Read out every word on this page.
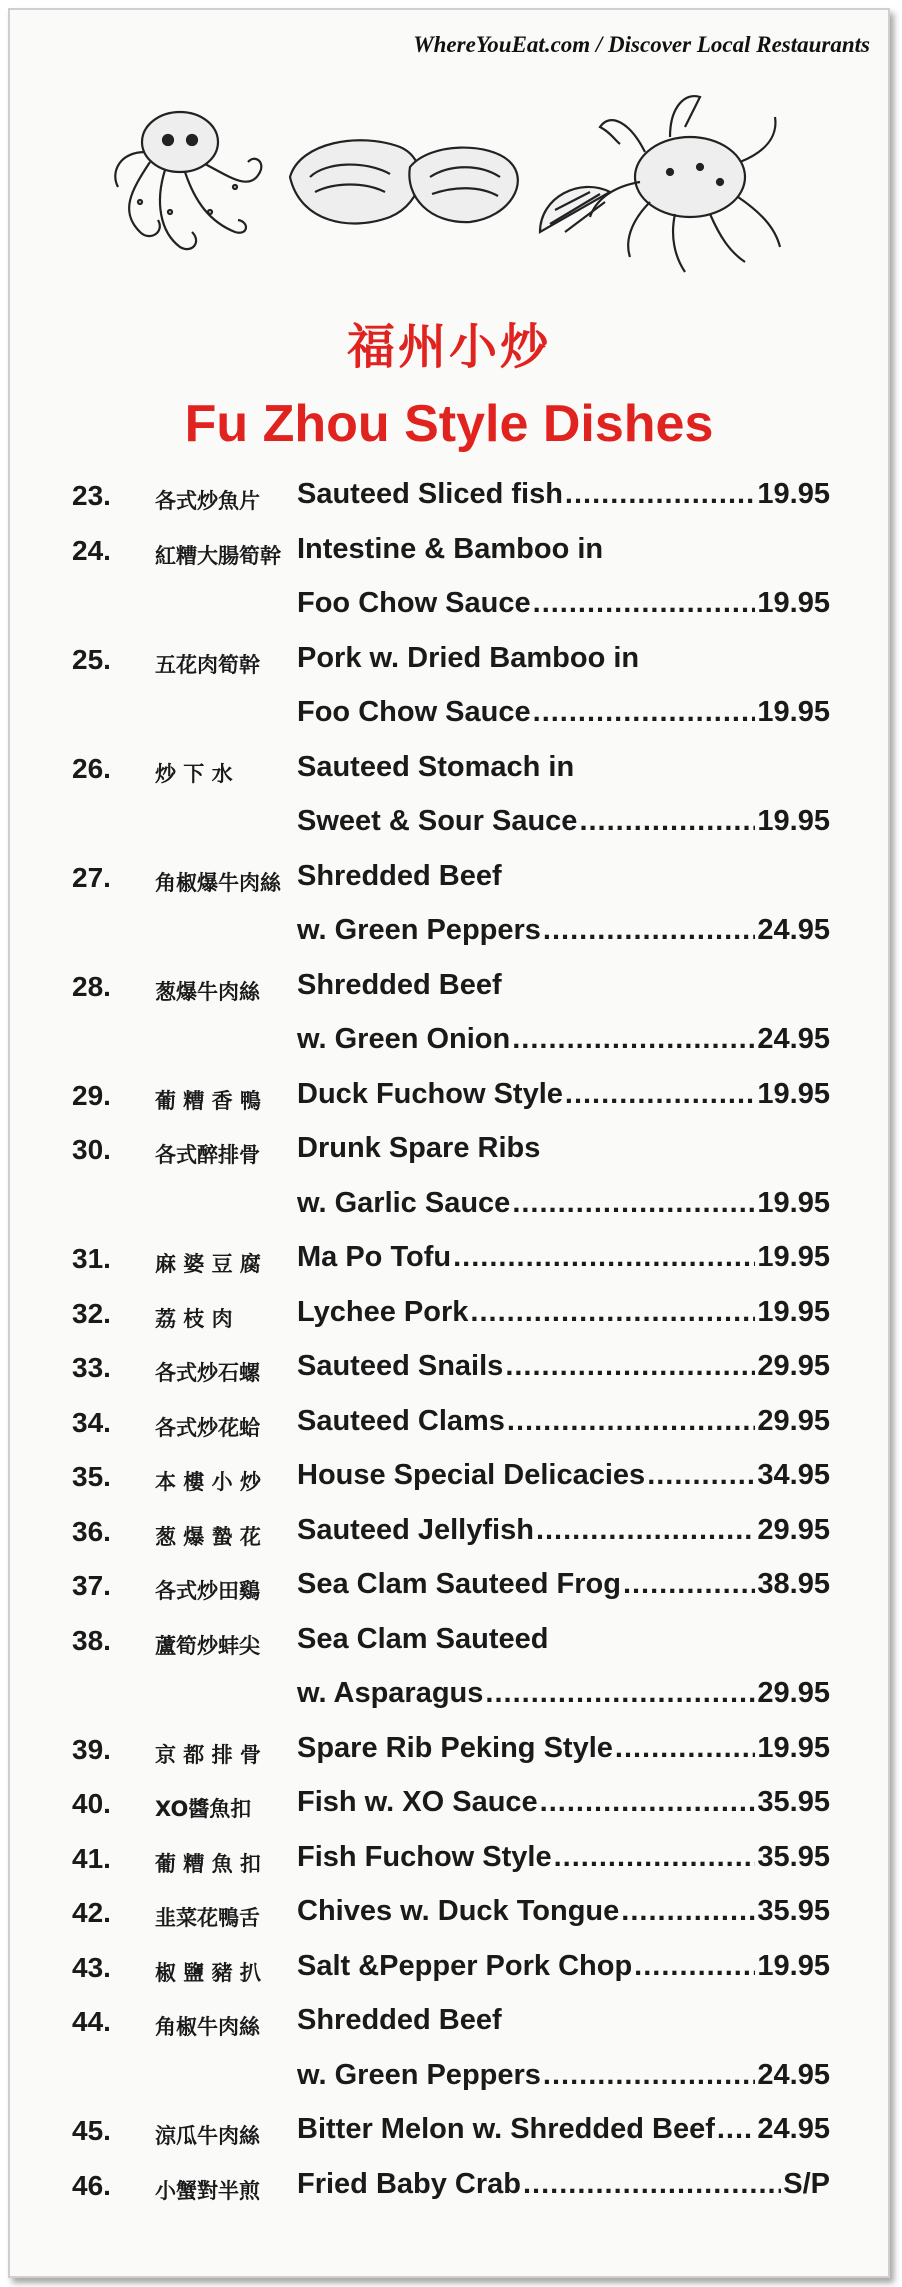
WhereYouEat.com / Discover Local Restaurants
福州小炒
Fu Zhou Style Dishes
23.	各式炒魚片	Sauteed Sliced fish .....	19.95
24.	紅糟大腸筍幹 Intestine & Bamboo in
Foo Chow Sauce .....	19.95
25.	五花肉筍幹	Pork w. Dried Bamboo in
Foo Chow Sauce .....	19.95
26.	炒 下 水	Sauteed Stomach in
Sweet & Sour Sauce .....	19.95
27.	角椒爆牛肉絲 Shredded Beef
w. Green Peppers .....	24.95
28.	葱爆牛肉絲	Shredded Beef
w. Green Onion .....	24.95
29.	葡 糟 香 鴨	Duck Fuchow Style .....	19.95
30.	各式醉排骨	Drunk Spare Ribs
w. Garlic Sauce .....	19.95
31.	麻 婆 豆 腐	Ma Po Tofu .....	19.95
32.	荔 枝 肉	Lychee Pork .....	19.95
33.	各式炒石螺	Sauteed Snails .....	29.95
34.	各式炒花蛤	Sauteed Clams .....	29.95
35.	本 樓 小 炒	House Special Delicacies .....	34.95
36.	葱 爆 蟄 花	Sauteed Jellyfish .....	29.95
37.	各式炒田鷄	Sea Clam Sauteed Frog .....	38.95
38.	蘆筍炒蚌尖	Sea Clam Sauteed
w. Asparagus .....	29.95
39.	京 都 排 骨	Spare Rib Peking Style .....	19.95
40.	XO醬魚扣	Fish w. XO Sauce .....	35.95
41.	葡 糟 魚 扣	Fish Fuchow Style .....	35.95
42.	韭菜花鴨舌	Chives w. Duck Tongue .....	35.95
43.	椒 鹽 豬 扒	Salt &Pepper Pork Chop .....	19.95
44.	角椒牛肉絲	Shredded Beef
w. Green Peppers .....	24.95
45.	涼瓜牛肉絲	Bitter Melon w. Shredded Beef ..... 24.95
46.	小蟹對半煎	Fried Baby Crab .....	S/P
